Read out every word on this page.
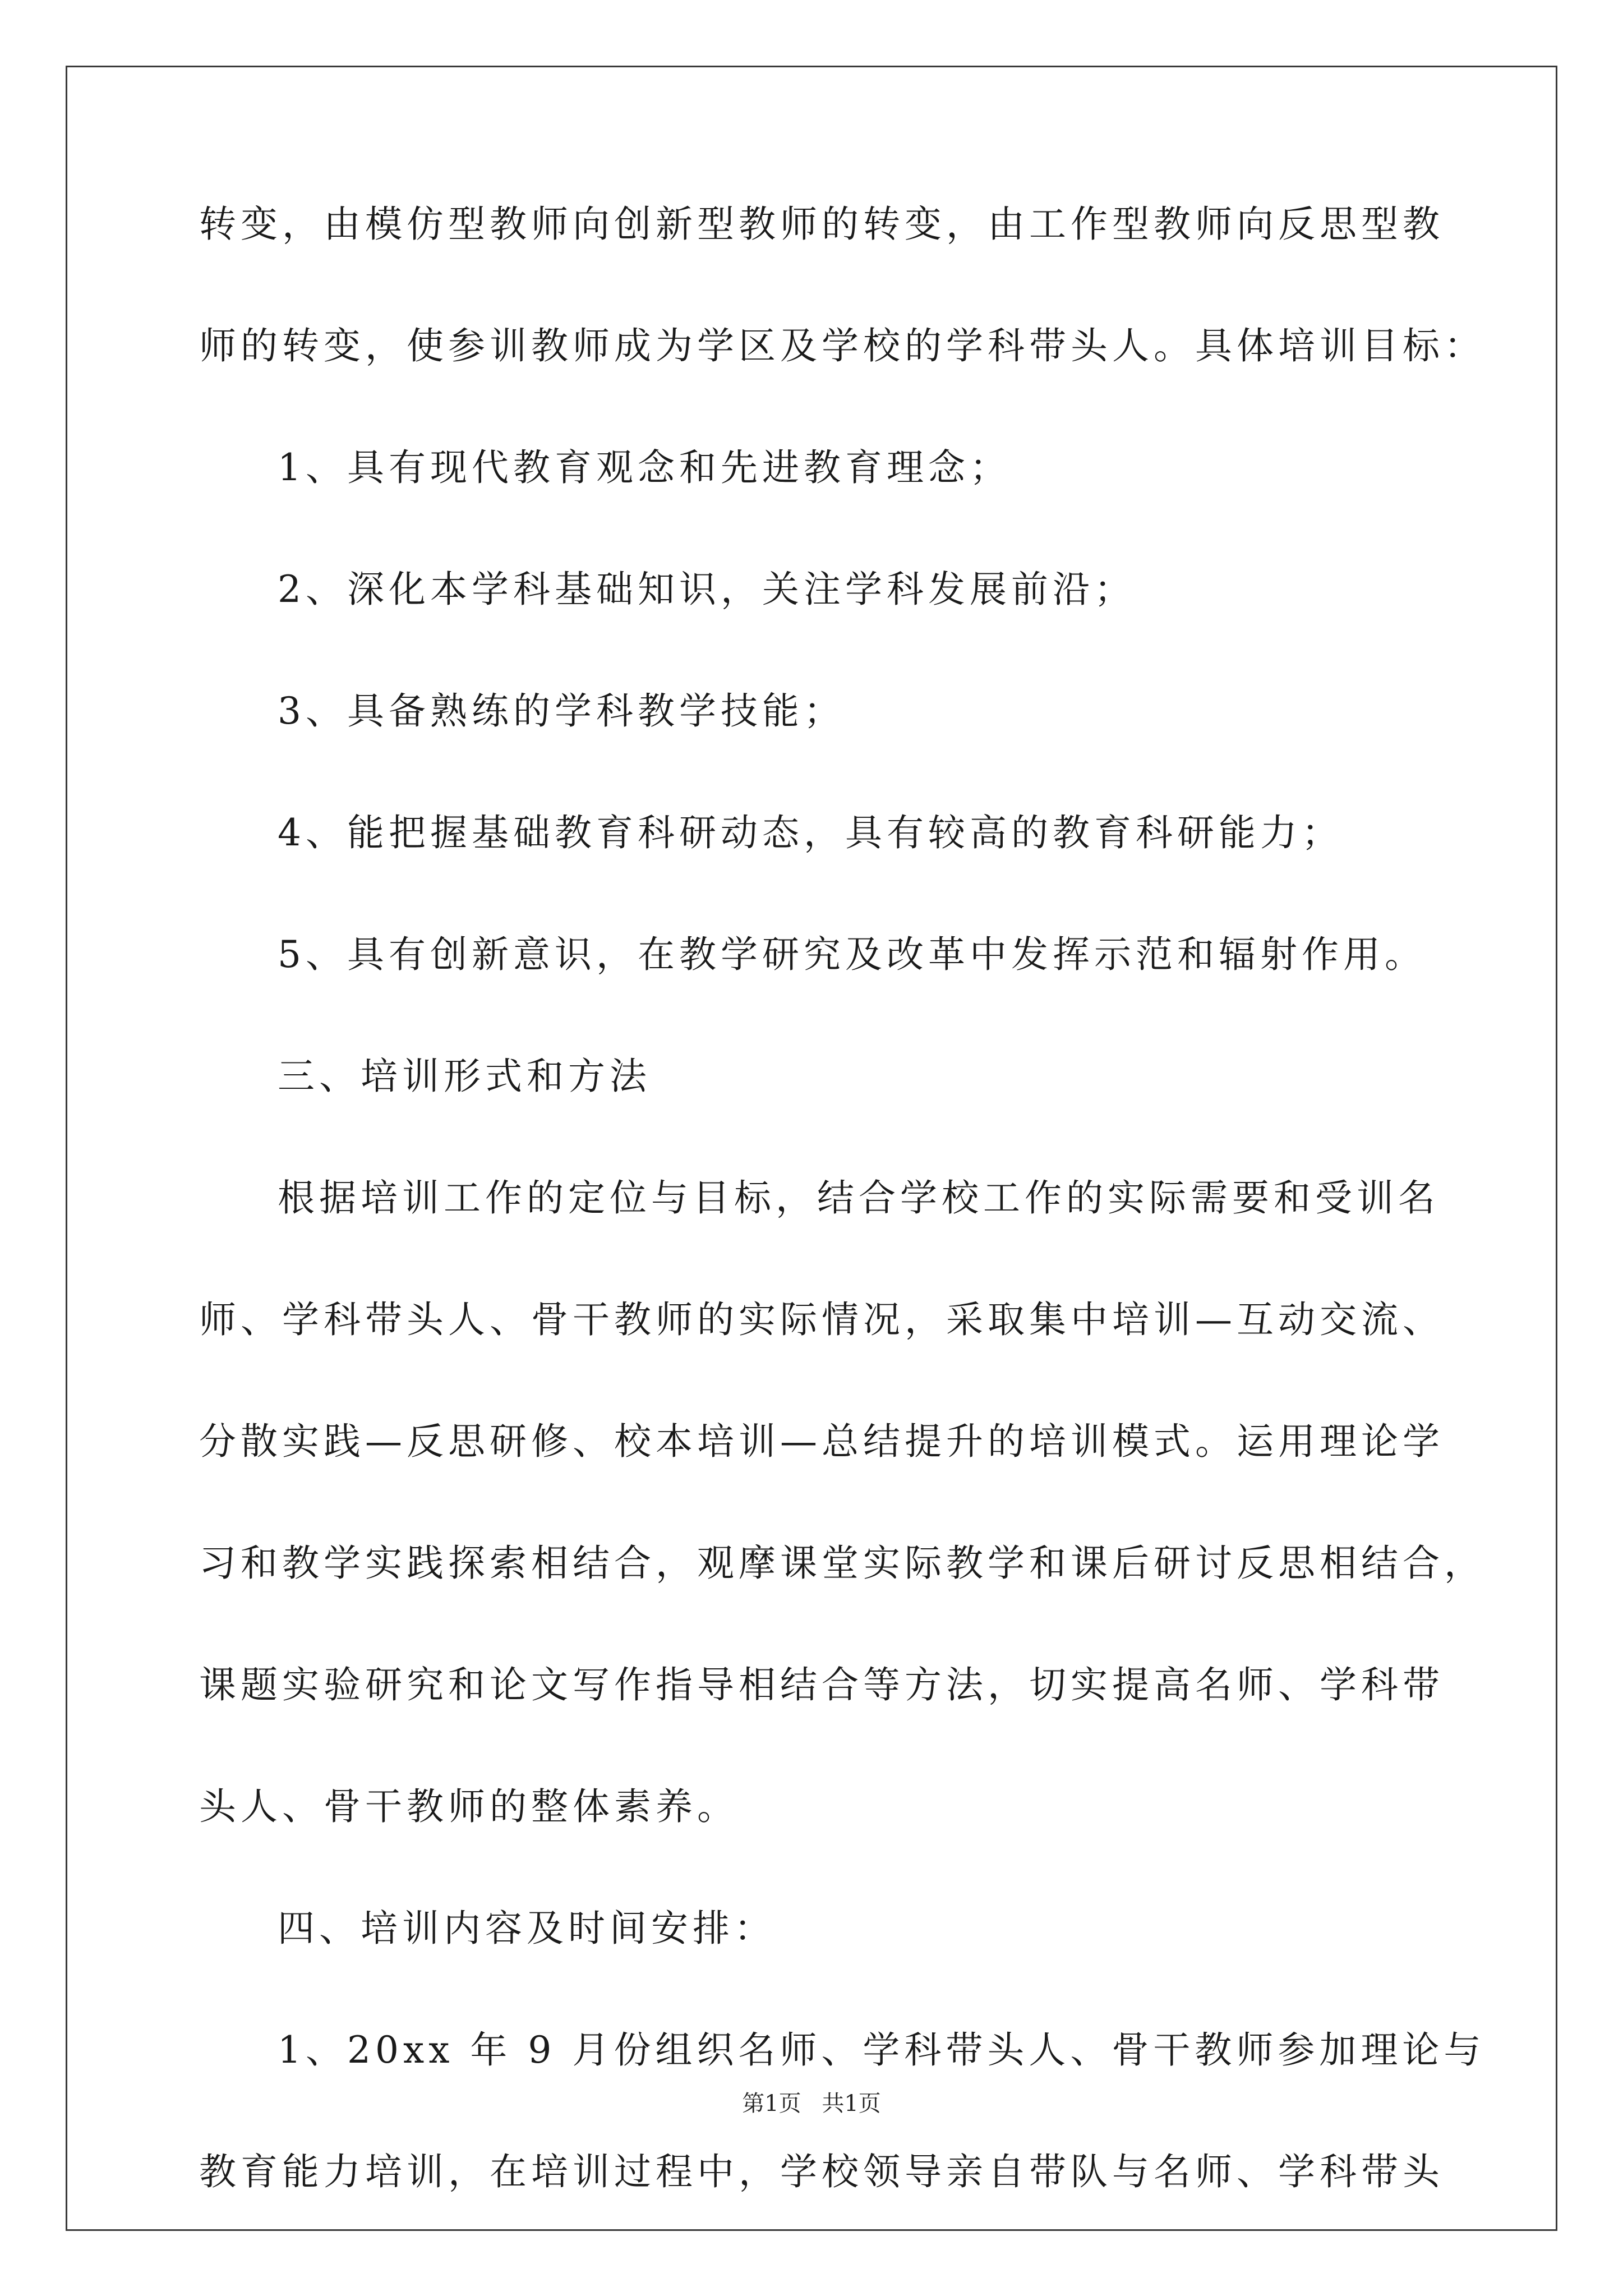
转变，由模仿型教师向创新型教师的转变，由工作型教师向反思型教
师的转变，使参训教师成为学区及学校的学科带头人。具体培训目标：
1、具有现代教育观念和先进教育理念；
2、深化本学科基础知识，关注学科发展前沿；
3、具备熟练的学科教学技能；
4、能把握基础教育科研动态，具有较高的教育科研能力；
5、具有创新意识，在教学研究及改革中发挥示范和辐射作用。
三、培训形式和方法
根据培训工作的定位与目标，结合学校工作的实际需要和受训名
师、学科带头人、骨干教师的实际情况，采取集中培训—互动交流、
分散实践—反思研修、校本培训—总结提升的培训模式。运用理论学
习和教学实践探索相结合，观摩课堂实际教学和课后研讨反思相结合，
课题实验研究和论文写作指导相结合等方法，切实提高名师、学科带
头人、骨干教师的整体素养。
四、培训内容及时间安排：
1、20xx 年 9 月份组织名师、学科带头人、骨干教师参加理论与
教育能力培训，在培训过程中，学校领导亲自带队与名师、学科带头
第1页 共1页
